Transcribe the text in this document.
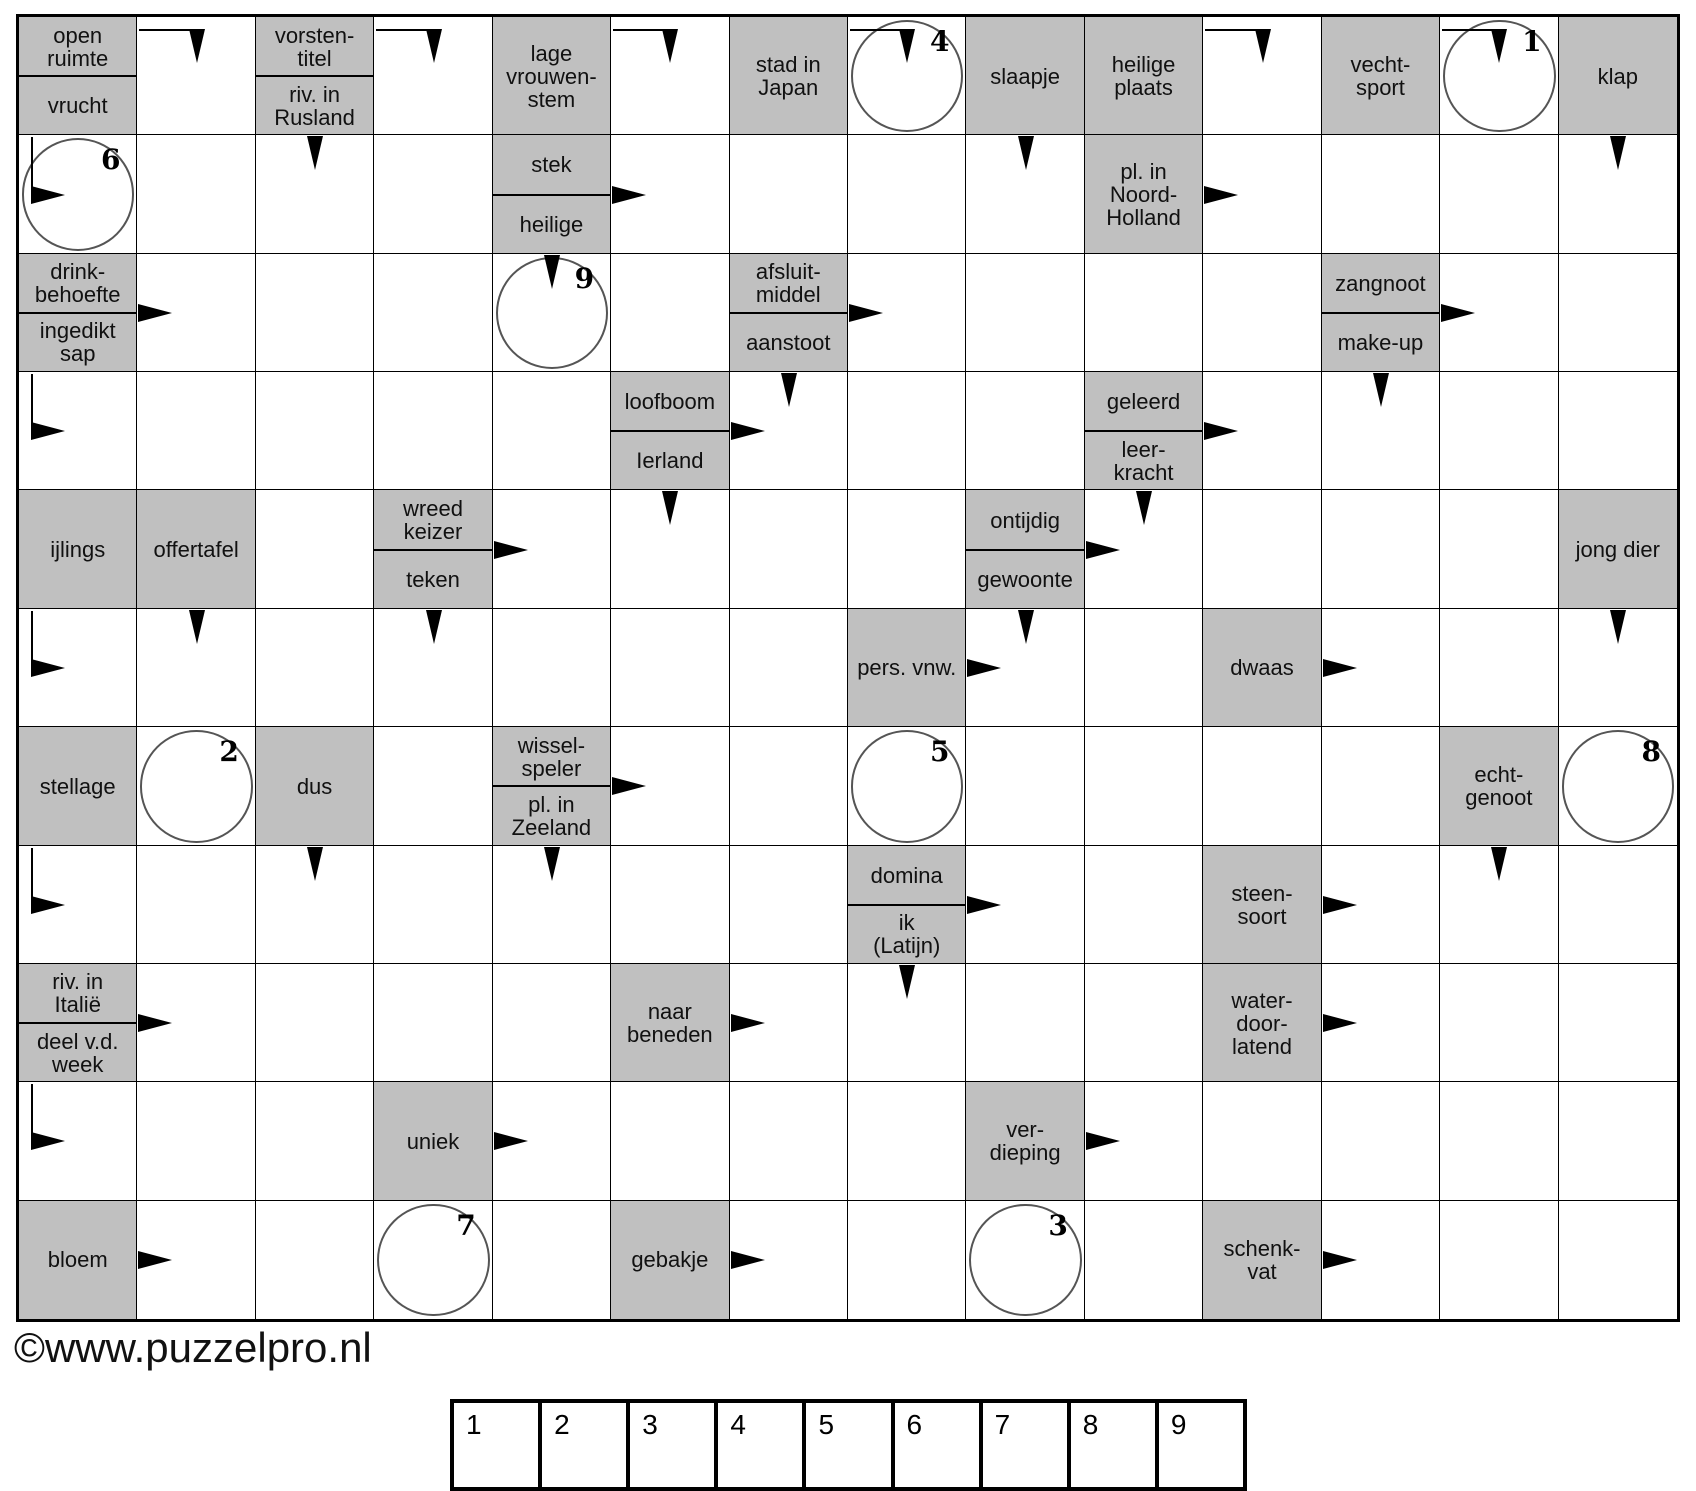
open
ruimte
vrucht
vorsten-
titel
riv. in
Rusland
lage
vrouwen-
stem
stad in
Japan
4
slaapje	heilige
plaats
vecht-
sport
1
klap
6	stek
heilige
pl. in
Noord-
Holland
drink-
behoefte
ingedikt
sap
9	afsluit-
middel
aanstoot
zangnoot
make-up
loofboom
Ierland
geleerd
leer-
kracht
ijlings	offertafel
wreed
keizer
teken
ontijdig
gewoonte
jong dier
pers. vnw.	dwaas
stellage
2
dus
wissel-
speler
pl. in
Zeeland
5
echt-
genoot
8
domina
ik
(Latijn)
steen-
soort
riv. in
Italië
deel v.d.
week
naar
beneden
water-
door-
latend
uniek	ver-
dieping
bloem
7
gebakje
3
schenk-
vat
©www.puzzelpro.nl
1	2	3	4	5	6	7	8	9
